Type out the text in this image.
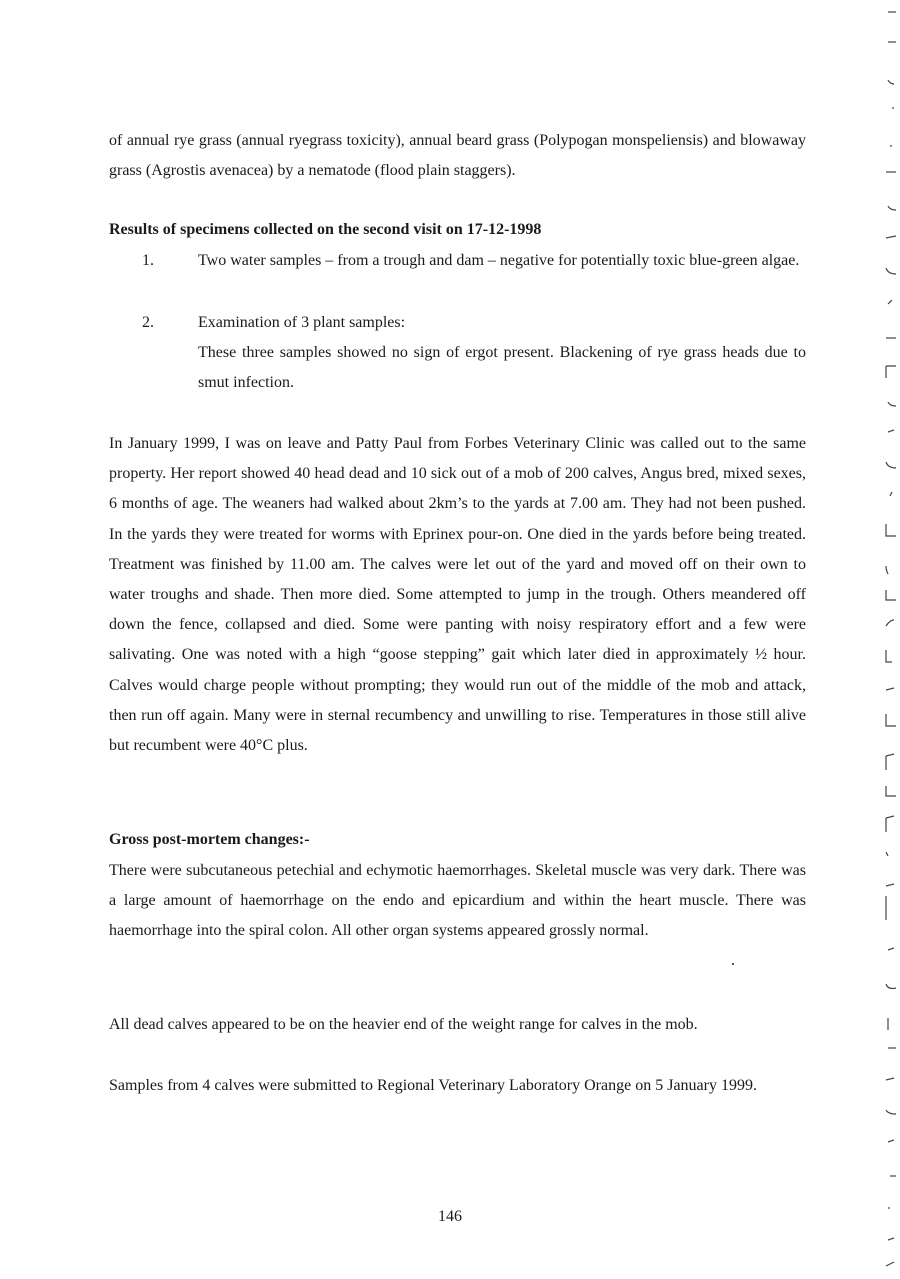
of annual rye grass (annual ryegrass toxicity), annual beard grass (Polypogan monspeliensis) and blowaway grass (Agrostis avenacea) by a nematode (flood plain staggers).

Results of specimens collected on the second visit on 17-12-1998
1.	Two water samples – from a trough and dam – negative for potentially toxic blue-green algae.
2.	Examination of 3 plant samples:
These three samples showed no sign of ergot present. Blackening of rye grass heads due to smut infection.

In January 1999, I was on leave and Patty Paul from Forbes Veterinary Clinic was called out to the same property. Her report showed 40 head dead and 10 sick out of a mob of 200 calves, Angus bred, mixed sexes, 6 months of age. The weaners had walked about 2km’s to the yards at 7.00 am. They had not been pushed. In the yards they were treated for worms with Eprinex pour-on. One died in the yards before being treated. Treatment was finished by 11.00 am. The calves were let out of the yard and moved off on their own to water troughs and shade. Then more died. Some attempted to jump in the trough. Others meandered off down the fence, collapsed and died. Some were panting with noisy respiratory effort and a few were salivating. One was noted with a high “goose stepping” gait which later died in approximately ½ hour. Calves would charge people without prompting; they would run out of the middle of the mob and attack, then run off again. Many were in sternal recumbency and unwilling to rise. Temperatures in those still alive but recumbent were 40°C plus.

Gross post-mortem changes:-

There were subcutaneous petechial and echymotic haemorrhages. Skeletal muscle was very dark. There was a large amount of haemorrhage on the endo and epicardium and within the heart muscle. There was haemorrhage into the spiral colon. All other organ systems appeared grossly normal.

All dead calves appeared to be on the heavier end of the weight range for calves in the mob.

Samples from 4 calves were submitted to Regional Veterinary Laboratory Orange on 5 January 1999.

146
